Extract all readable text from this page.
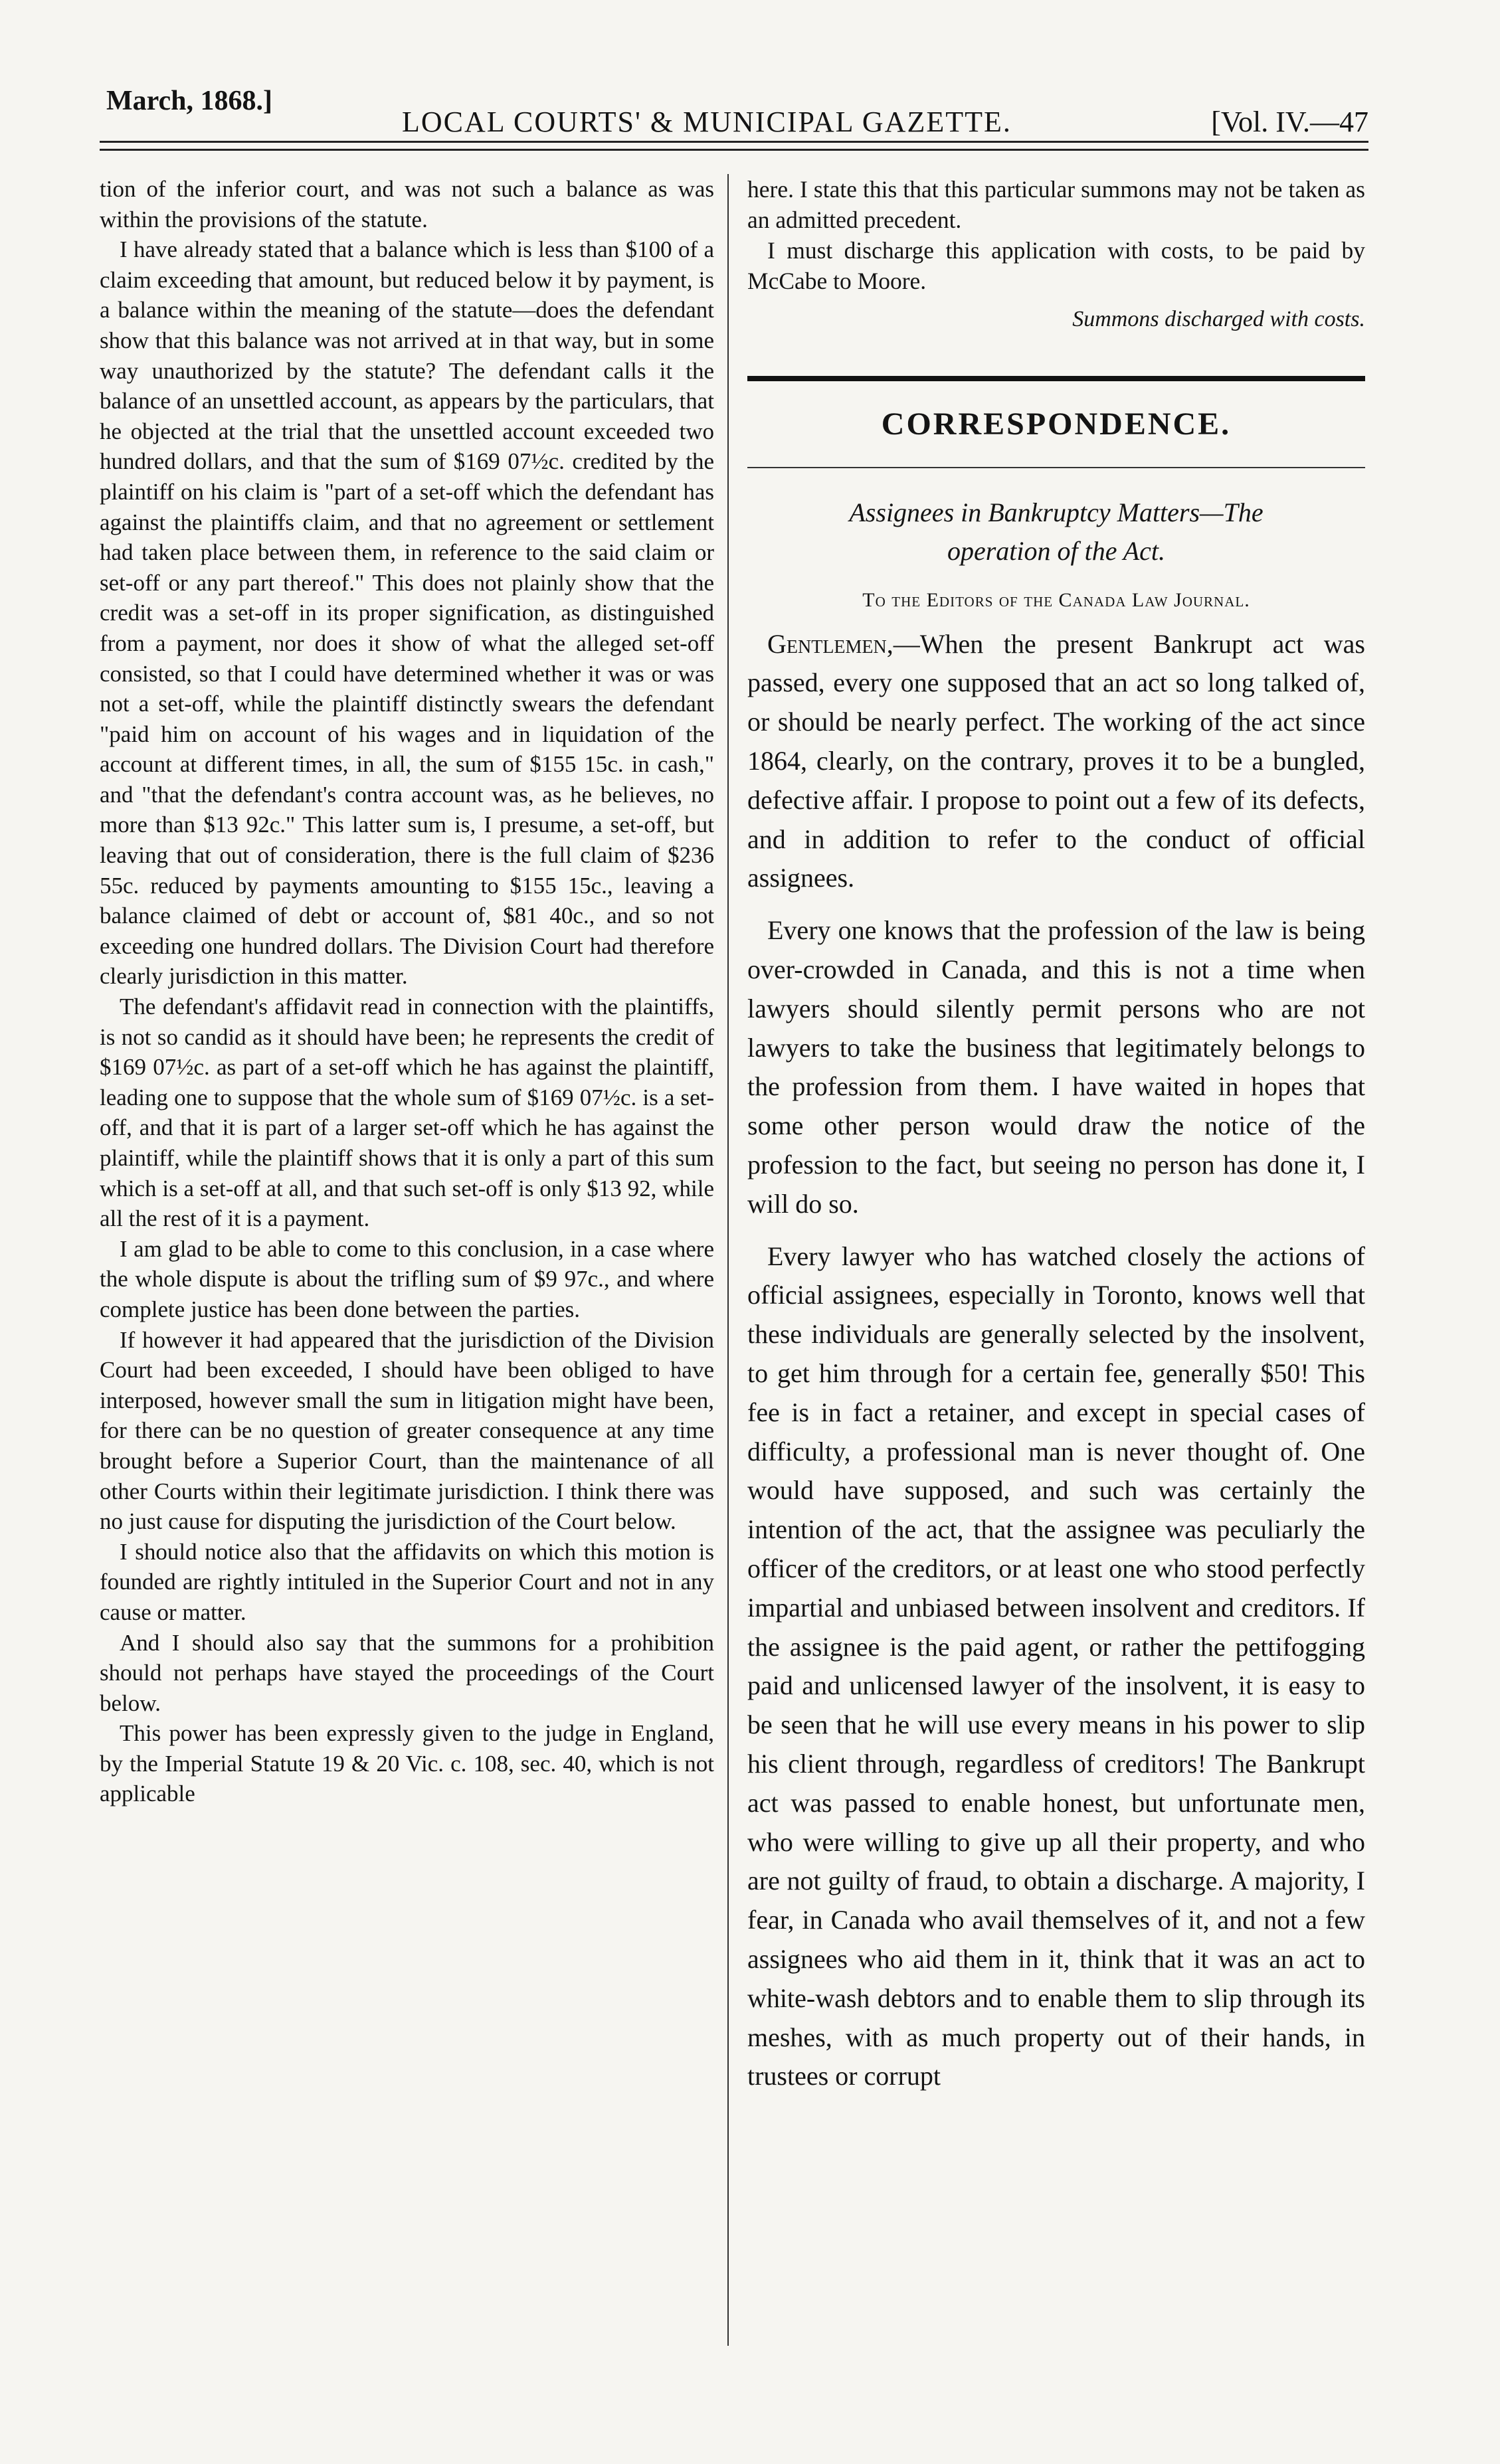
March, 1868.]
LOCAL COURTS' & MUNICIPAL GAZETTE.	[Vol. IV.—47

tion of the inferior court, and was not such a balance as was within the provisions of the statute.

I have already stated that a balance which is less than $100 of a claim exceeding that amount, but reduced below it by payment, is a balance within the meaning of the statute—does the defendant show that this balance was not arrived at in that way, but in some way unauthorized by the statute? The defendant calls it the balance of an unsettled account, as appears by the particulars, that he objected at the trial that the unsettled account exceeded two hundred dollars, and that the sum of $169 07½c. credited by the plaintiff on his claim is "part of a set-off which the defendant has against the plaintiffs claim, and that no agreement or settlement had taken place between them, in reference to the said claim or set-off or any part thereof." This does not plainly show that the credit was a set-off in its proper signification, as distinguished from a payment, nor does it show of what the alleged set-off consisted, so that I could have determined whether it was or was not a set-off, while the plaintiff distinctly swears the defendant "paid him on account of his wages and in liquidation of the account at different times, in all, the sum of $155 15c. in cash," and "that the defendant's contra account was, as he believes, no more than $13 92c." This latter sum is, I presume, a set-off, but leaving that out of consideration, there is the full claim of $236 55c. reduced by payments amounting to $155 15c., leaving a balance claimed of debt or account of, $81 40c., and so not exceeding one hundred dollars. The Division Court had therefore clearly jurisdiction in this matter.

The defendant's affidavit read in connection with the plaintiffs, is not so candid as it should have been; he represents the credit of $169 07½c. as part of a set-off which he has against the plaintiff, leading one to suppose that the whole sum of $169 07½c. is a set-off, and that it is part of a larger set-off which he has against the plaintiff, while the plaintiff shows that it is only a part of this sum which is a set-off at all, and that such set-off is only $13 92, while all the rest of it is a payment.

I am glad to be able to come to this conclusion, in a case where the whole dispute is about the trifling sum of $9 97c., and where complete justice has been done between the parties.

If however it had appeared that the jurisdiction of the Division Court had been exceeded, I should have been obliged to have interposed, however small the sum in litigation might have been, for there can be no question of greater consequence at any time brought before a Superior Court, than the maintenance of all other Courts within their legitimate jurisdiction. I think there was no just cause for disputing the jurisdiction of the Court below.

I should notice also that the affidavits on which this motion is founded are rightly intituled in the Superior Court and not in any cause or matter.

And I should also say that the summons for a prohibition should not perhaps have stayed the proceedings of the Court below.

This power has been expressly given to the judge in England, by the Imperial Statute 19 & 20 Vic. c. 108, sec. 40, which is not applicable

here. I state this that this particular summons may not be taken as an admitted precedent.

I must discharge this application with costs, to be paid by McCabe to Moore.

Summons discharged with costs.
CORRESPONDENCE.
Assignees in Bankruptcy Matters—The
operation of the Act.
To the Editors of the Canada Law Journal.

Gentlemen,—When the present Bankrupt act was passed, every one supposed that an act so long talked of, or should be nearly perfect. The working of the act since 1864, clearly, on the contrary, proves it to be a bungled, defective affair. I propose to point out a few of its defects, and in addition to refer to the conduct of official assignees.

Every one knows that the profession of the law is being over-crowded in Canada, and this is not a time when lawyers should silently permit persons who are not lawyers to take the business that legitimately belongs to the profession from them. I have waited in hopes that some other person would draw the notice of the profession to the fact, but seeing no person has done it, I will do so.

Every lawyer who has watched closely the actions of official assignees, especially in Toronto, knows well that these individuals are generally selected by the insolvent, to get him through for a certain fee, generally $50! This fee is in fact a retainer, and except in special cases of difficulty, a professional man is never thought of. One would have supposed, and such was certainly the intention of the act, that the assignee was peculiarly the officer of the creditors, or at least one who stood perfectly impartial and unbiased between insolvent and creditors. If the assignee is the paid agent, or rather the pettifogging paid and unlicensed lawyer of the insolvent, it is easy to be seen that he will use every means in his power to slip his client through, regardless of creditors! The Bankrupt act was passed to enable honest, but unfortunate men, who were willing to give up all their property, and who are not guilty of fraud, to obtain a discharge. A majority, I fear, in Canada who avail themselves of it, and not a few assignees who aid them in it, think that it was an act to white-wash debtors and to enable them to slip through its meshes, with as much property out of their hands, in trustees or corrupt
